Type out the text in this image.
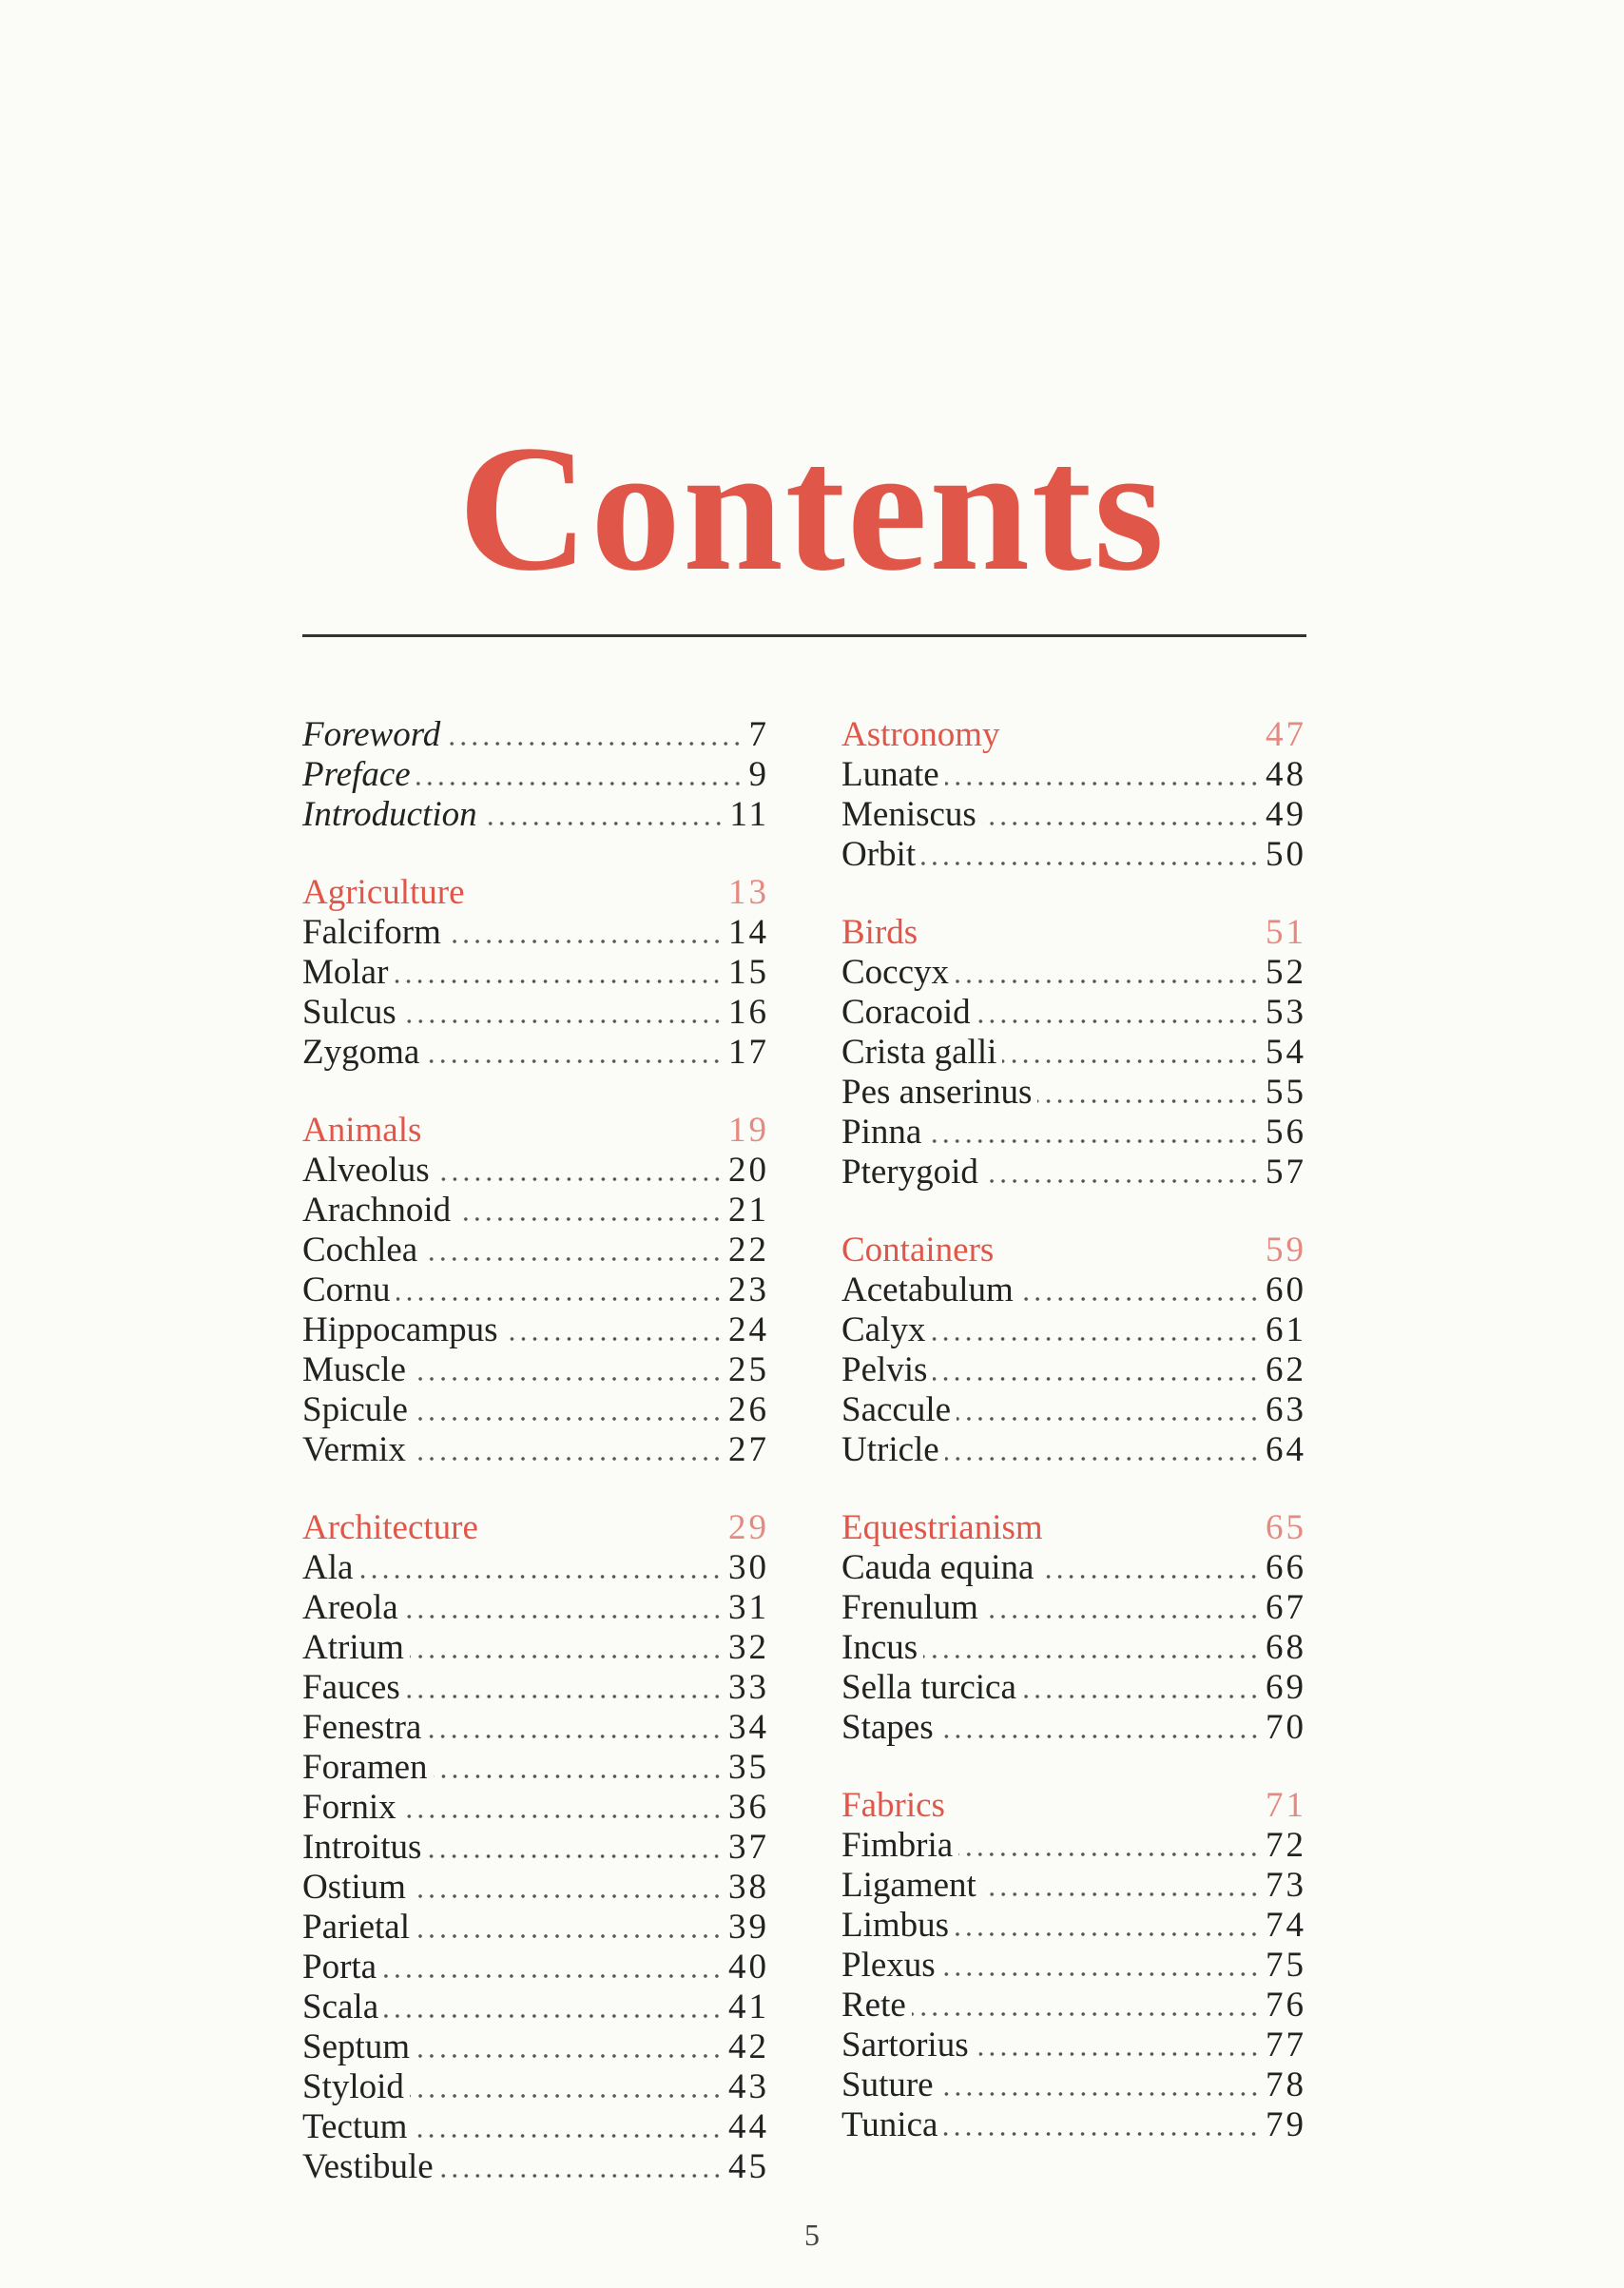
Contents
Foreword	7
Preface	9
Introduction	11
Agriculture	13
Falciform	14
Molar	15
Sulcus	16
Zygoma	17
Animals	19
Alveolus	20
Arachnoid	21
Cochlea	22
Cornu	23
Hippocampus	24
Muscle	25
Spicule	26
Vermix	27
Architecture	29
Ala	30
Areola	31
Atrium	32
Fauces	33
Fenestra	34
Foramen	35
Fornix	36
Introitus	37
Ostium	38
Parietal	39
Porta	40
Scala	41
Septum	42
Styloid	43
Tectum	44
Vestibule	45
Astronomy	47
Lunate	48
Meniscus	49
Orbit	50
Birds	51
Coccyx	52
Coracoid	53
Crista galli	54
Pes anserinus	55
Pinna	56
Pterygoid	57
Containers	59
Acetabulum	60
Calyx	61
Pelvis	62
Saccule	63
Utricle	64
Equestrianism	65
Cauda equina	66
Frenulum	67
Incus	68
Sella turcica	69
Stapes	70
Fabrics	71
Fimbria	72
Ligament	73
Limbus	74
Plexus	75
Rete	76
Sartorius	77
Suture	78
Tunica	79
5
